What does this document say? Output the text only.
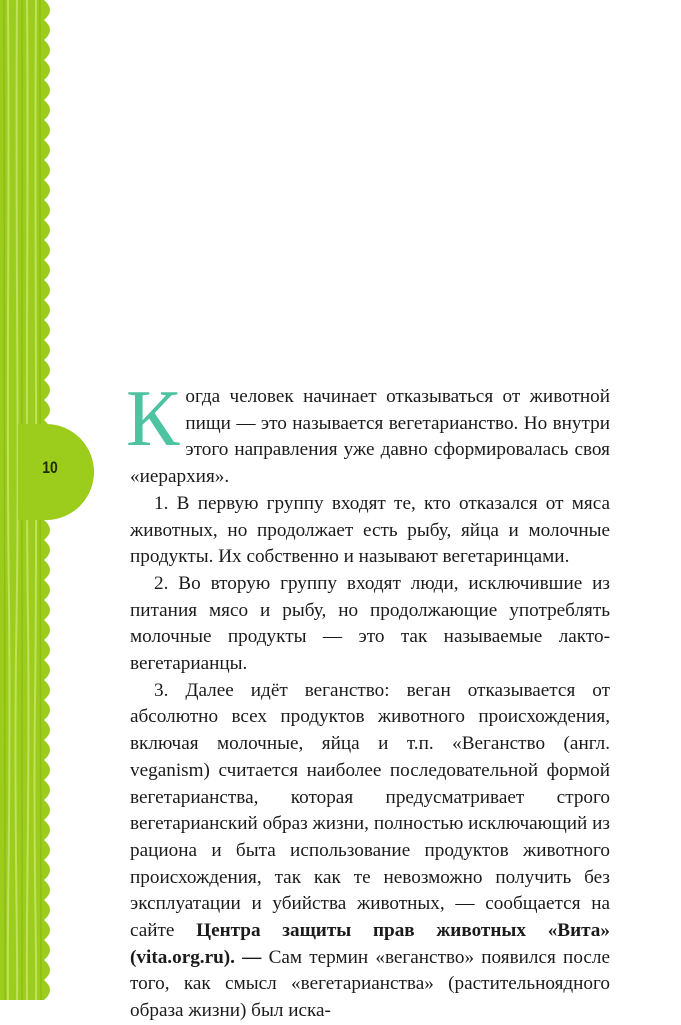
10

Когда человек начинает отказываться от животной пищи — это называется вегетарианство. Но внутри этого направления уже давно сформировалась своя «иерархия».

1. В первую группу входят те, кто отказался от мяса животных, но продолжает есть рыбу, яйца и молочные продукты. Их собственно и называют вегетаринцами.

2. Во вторую группу входят люди, исключившие из питания мясо и рыбу, но продолжающие употреблять молочные продукты — это так называемые лакто-вегетарианцы.

3. Далее идёт веганство: веган отказывается от абсолютно всех продуктов животного происхождения, включая молочные, яйца и т.п. «Веганство (англ. veganism) считается наиболее последовательной формой вегетарианства, которая предусматривает строго вегетарианский образ жизни, полностью исключающий из рациона и быта использование продуктов животного происхождения, так как те невозможно получить без эксплуатации и убийства животных, — сообщается на сайте Центра защиты прав животных «Вита» (vita.org.ru). — Сам термин «веганство» появился после того, как смысл «вегетарианства» (растительноядного образа жизни) был иска-
